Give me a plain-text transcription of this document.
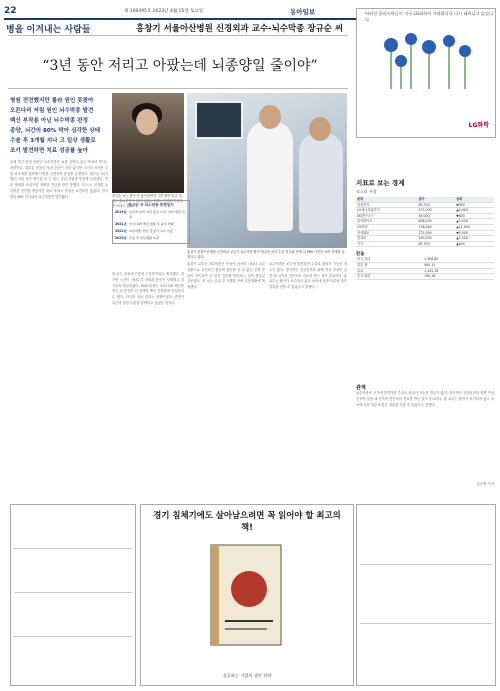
22	제 100495호 2023년 4월 15일 토요일	동아일보
병을 이겨내는 사람들	홍창기 서울아산병원 신경외과 교수-뇌수막종 장규순 씨
“3년 동안 저리고 아팠는데 뇌종양일 줄이야”
병원 전전했지만 몰라 원인 못찾아
오른다리 저림 원인 뇌수막종 발견
백신 부작용 아닌 뇌수막종 판정
종양, 뇌간의 80% 막아 심각한 상태
수술 후 3개월 지나 고 일상 생활로
조기 발견하면 치료 성공률 높아
장규순 씨는 몸이 안 좋아지면서 그런 줄만 알고 지냈는데 뇌종양이 원인이었다. 현재는 건강하게 일상을 보내고 있다.
홍창기 서울아산병원 신경외과 교수가 뇌수막종 환자 장규순 씨의 수술 직후와 현재 뇌 MRI 사진을 보며 상태를 설명하고 있다.
장규순 씨 뇌수막종 투병일지
2019년 오른쪽 다리 저림 증상 시작, 여러 병원 전전
2021년 코로나19 백신 접종 후 증상 악화
2022년 뇌수막종 진단, 홍창기 교수 수술
2023년 수술 후 일상생활 복귀
뇌에 생긴 양성 종양인 뇌수막종은 뇌를 감싸고 있는 막에서 생기는 종양이다. 대부분 천천히 자라 증상이 거의 없지만 크기가 커지면 주변 뇌조직을 압박해 다양한 신경학적 증상을 유발한다. 장규순 씨(가명)는 3년 동안 원인을 알 수 없는 다리 저림과 통증에 시달렸다. 여러 병원을 다녔지만 정확한 진단을 받지 못했다. 디스크, 신경염 등 다양한 진단을 받았지만 치료 후에도 증상은 호전되지 않았다. 결국 정밀 MRI 검사에서 뇌수막종이 발견됐다.
장 씨는 처음에 단순한 근육통이라고 생각했다. 하지만 시간이 지날수록 저림과 통증은 심해졌고 걷기조차 힘들어졌다. 2021년에는 코로나19 백신을 맞은 뒤 증상이 더 심해져 백신 부작용을 의심하기도 했다. 하지만 검사 결과는 뜻밖이었다. 종양이 뇌간의 상당 부분을 압박하고 있었던 것이다.
홍창기 교수는 뇌수막종은 증상이 서서히 나타나 다른 질환으로 오인되기 쉽다며 원인을 알 수 없는 신경 증상이 지속되면 뇌 영상 검사를 받아보는 것이 좋다고 강조했다. 장 씨는 수술 후 3개월 만에 일상생활에 복귀했다.
뇌수막종은 조기에 발견하면 수술로 완치가 가능한 경우가 많다. 정기적인 건강검진과 함께 이상 증상이 있을 때 신속히 전문의의 진료를 받는 것이 중요하다. 홍 교수는 환자가 포기하지 않고 치료에 임한 덕분에 좋은 결과를 얻을 수 있었다고 말했다.
버려진 플라스틱들이 지구 LG화학이 가꿔봅니다 다시 태어나고 있습니다
LG화학
지표로 보는 경제
코스피 시장
종목	종가	등락
삼성전자	65,700	▼300
LG에너지솔루션	573,000	▲5,000
SK하이닉스	89,000	▼800
삼성바이오	808,000	▲3,000
LG화학	736,000	▲11,000
삼성SDI	722,000	▼5,000
현대차	190,200	▲1,500
기아	85,700	▲600
환율
미국 달러	1,306.80
일본 엔	980.15
유로	1,442.16
중국 위안	190.16
관계
뇌수막종은 조기에 발견하면 수술로 완치가 가능한 경우가 많다. 정기적인 건강검진과 함께 이상 증상이 있을 때 신속히 전문의의 진료를 받는 것이 중요하다. 홍 교수는 환자가 포기하지 않고 치료에 임한 덕분에 좋은 결과를 얻을 수 있었다고 말했다.
김준영 기자
경기 침체기에도 살아남으려면 꼭 읽어야 할 최고의 책!
성공하는 기업의 생존 전략
